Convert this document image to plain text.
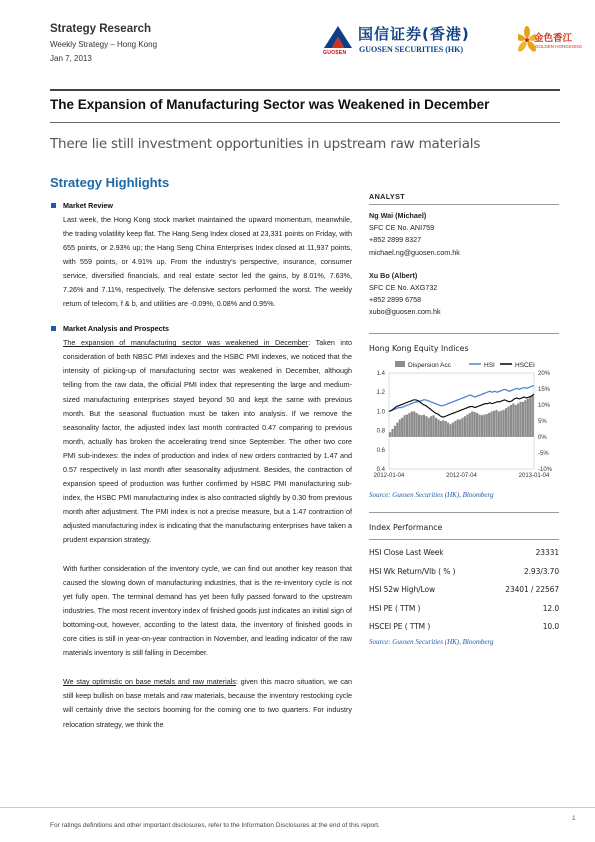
Strategy Research
Weekly Strategy – Hong Kong
Jan 7, 2013
GUOSEN
国信证券(香港)
GUOSEN SECURITIES (HK)
金色香江
GOLDEN HONGKONG
The Expansion of Manufacturing Sector was Weakened in December
There lie still investment opportunities in upstream raw materials
Strategy Highlights
Market Review

Last week, the Hong Kong stock market maintained the upward momentum, meanwhile, the trading volatility keep flat. The Hang Seng Index closed at 23,331 points on Friday, with 655 points, or 2.93% up; the Hang Seng China Enterprises Index closed at 11,937 points, with 559 points, or 4.91% up. From the industry’s perspective, insurance, consumer service, diversified financials, and real estate sector led the gains, by 8.01%, 7.63%, 7.26% and 7.11%, respectively. The defensive sectors performed the worst. The weekly return of telecom, f & b, and utilities are -0.09%, 0.08% and 0.95%.

Market Analysis and Prospects

The expansion of manufacturing sector was weakened in December: Taken into consideration of both NBSC PMI indexes and the HSBC PMI indexes, we noticed that the intensity of picking-up of manufacturing sector was weakened in December, although telling from the raw data, the official PMI index that representing the large and medium-sized manufacturing enterprises stayed beyond 50 and kept the same with previous month. But the seasonal fluctuation must be taken into analysis. If we remove the seasonality factor, the adjusted index last month contracted 0.47 comparing to previous month, actually has broken the accelerating trend since September. The other two core PMI sub-indexes: the index of production and index of new orders contracted by 1.47 and 0.57 respectively in last month after seasonality adjustment. Besides, the contraction of expansion speed of production was further confirmed by HSBC PMI manufacturing sub-index, the HSBC PMI manufacturing index is also contracted slightly by 0.30 from previous month after adjustment. The PMI index is not a precise measure, but a 1.47 contraction of adjusted manufacturing index is indicating that the manufacturing enterprises have taken a prudent expansion strategy.

With further consideration of the inventory cycle, we can find out another key reason that caused the slowing down of manufacturing industries, that is the re-inventory cycle is not yet fully open. The terminal demand has yet been fully passed forward to the upstream industries. The most recent inventory index of finished goods just indicates an initial sign of bottoming-out, however, according to the latest data, the inventory of finished goods in core cities is still in year-on-year contraction in November, and leading indicator of the raw materials inventory is still falling in December.

We stay optimistic on base metals and raw materials: given this macro situation, we can still keep bullish on base metals and raw materials, because the inventory restocking cycle will certainly drive the sectors booming for the coming one to two quarters. For industry relocation strategy, we think the

ANALYST
Ng Wai (Michael)
SFC CE No. ANI759
+852 2899 8327
michael.ng@guosen.com.hk
Xu Bo (Albert)
SFC CE No. AXG732
+852 2899 6758
xubo@guosen.com.hk
Hong Kong Equity Indices
Dispersion Acc	HSI	HSCEI
0.4
0.6
0.8
1.0
1.2
1.4
-10%
-5%
0%
5%
10%
15%
20%
2012-01-04	2012-07-04	2013-01-04
Source: Guosen Securities (HK), Bloomberg
Index Performance
HSI Close Last Week	23331
HSI Wk Return/Vlb ( % )	2.93/3.70
HSI 52w High/Low	23401 / 22567
HSI PE ( TTM )	12.0
HSCEI PE ( TTM )	10.0
Source: Guosen Securities (HK), Bloomberg
1
For ratings definitions and other important disclosures, refer to the Information Disclosures at the end of this report.
